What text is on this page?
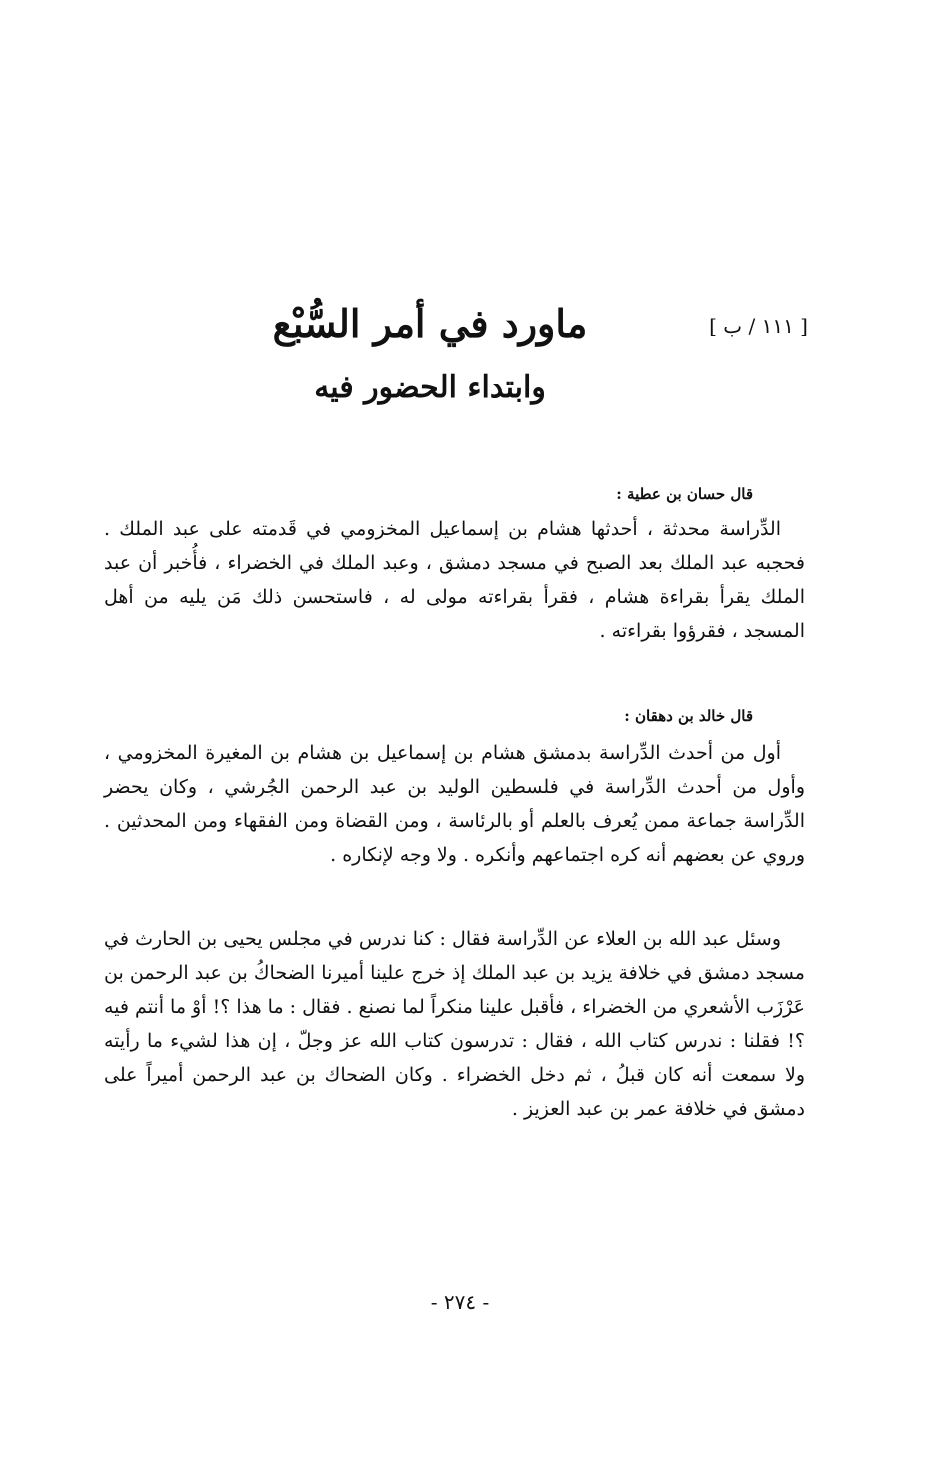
[ ١١١ / ب ]
ماورد في أمر السُّبْع
وابتداء الحضور فيه
قال حسان بن عطية :

الدِّراسة محدثة ، أحدثها هشام بن إسماعيل المخزومي في قَدمته على عبد الملك . فحجبه عبد الملك بعد الصبح في مسجد دمشق ، وعبد الملك في الخضراء ، فأُخبر أن عبد الملك يقرأ بقراءة هشام ، فقرأ بقراءته مولى له ، فاستحسن ذلك مَن يليه من أهل المسجد ، فقرؤوا بقراءته .

قال خالد بن دهقان :

أول من أحدث الدِّراسة بدمشق هشام بن إسماعيل بن هشام بن المغيرة المخزومي ، وأول من أحدث الدِّراسة في فلسطين الوليد بن عبد الرحمن الجُرشي ، وكان يحضر الدِّراسة جماعة ممن يُعرف بالعلم أو بالرئاسة ، ومن القضاة ومن الفقهاء ومن المحدثين . وروي عن بعضهم أنه كره اجتماعهم وأنكره . ولا وجه لإنكاره .

وسئل عبد الله بن العلاء عن الدِّراسة فقال : كنا ندرس في مجلس يحيى بن الحارث في مسجد دمشق في خلافة يزيد بن عبد الملك إذ خرج علينا أميرنا الضحاكُ بن عبد الرحمن بن عَرْزَب الأشعري من الخضراء ، فأقبل علينا منكراً لما نصنع . فقال : ما هذا ؟! أوْ ما أنتم فيه ؟! فقلنا : ندرس كتاب الله ، فقال : تدرسون كتاب الله عز وجلّ ، إن هذا لشيء ما رأيته ولا سمعت أنه كان قبلُ ، ثم دخل الخضراء . وكان الضحاك بن عبد الرحمن أميراً على دمشق في خلافة عمر بن عبد العزيز .

- ٢٧٤ -
